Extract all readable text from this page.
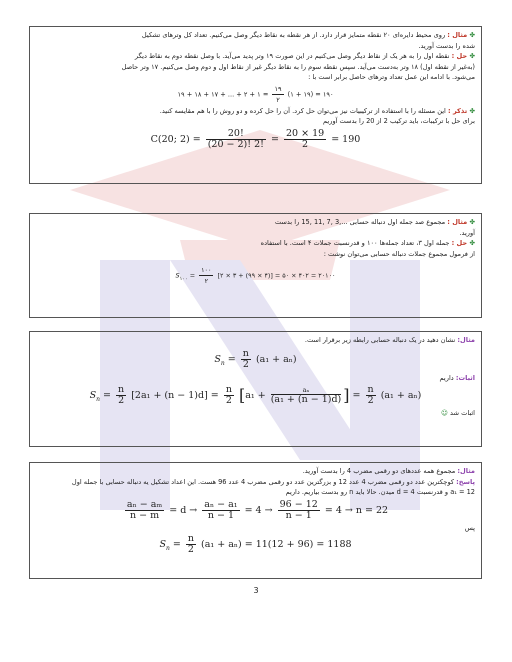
✤ مثال : روی محیط دایره‌ای ۲۰ نقطه متمایز قرار دارد. از هر نقطه به نقاط دیگر وصل می‌کنیم. تعداد کل وترهای تشکیل

شده را بدست آورید.

✤ حل : نقطه اول را به هر یک از نقاط دیگر وصل می‌کنیم در این صورت ۱۹ وتر پدید می‌آید. با وصل نقطه دوم به نقاط دیگر

(به‌غیر از نقطه اول) ۱۸ وتر به‌دست می‌آید. سپس نقطه سوم را به نقاط دیگر غیر از نقاط اول و دوم وصل می‌کنیم. ۱۷ وتر حاصل

می‌شود. با ادامه این عمل تعداد وترهای حاصل برابر است با :

۱۹ + ۱۸ + ۱۷ + ... + ۲ + ۱ = $\frac{۱۹}{۲}$ (۱ + ۱۹) = ۱۹۰

✤ تذکر : این مسئله را با استفاده از ترکیبیات نیز می‌توان حل کرد. آن را حل کرده و دو روش را با هم مقایسه کنید.

برای حل با ترکیبات، باید ترکیب 2 از 20 را بدست آوریم

C(20; $2) = \frac{20!}{(20 - 2)! 2!} = \frac{20 \times 19}{2} = 190$

✤ مثال : مجموع صد جمله اول دنباله حسابی ...,3 ,7 ,11 ,15 را بدست

آورید.

✤ حل : جمله اول ۳، تعداد جمله‌ها ۱۰۰ و قدرنسبت جملات ۴ است. با استفاده

از فرمول مجموع جملات دنباله حسابی می‌توان نوشت :

$S_{۱۰۰} = \frac{۱۰۰}{۲}$ [۲ × ۳ + (۹۹ × ۴)] = ۵۰ × ۴۰۲ = ۲۰۱۰۰

مثال: نشان دهید در یک دنباله حسابی رابطه زیر برقرار است.

$S_n = \frac{n}{2} (a_1 + a_n)$

اثبات: داریم

$S_n = \frac{n}{2} [2a_1 + (n - 1)d] = \frac{n}{2} [a_1 + \frac{\text{aₙ}}{\text{(a₁ + (n − 1)d)}}$ ] = $\frac{n}{2} (a_1 + a_n)$

اثبات شد ☺

مثال: مجموع همه عددهای دو رقمی مضرب 4 را بدست آورید.

پاسخ: کوچکترین عدد دو رقمی مضرب 4 عدد 12 و بزرگترین عدد دو رقمی مضرب 4 عدد 96 هست. این اعداد تشکیل یه دنباله حسابی با جمله اول

a₁ = 12 و قدرنسبت d = 4 میدن. حالا باید n رو بدست بیاریم. داریم

$\frac{\text{aₙ − aₘ}}{n - m} = d \to \frac{\text{aₙ − a₁}}{n - 1} = 4 \to \frac{96 - 12}{n - 1} = 4 \to n = 22$

پس

$S_n = \frac{n}{2} (a_1 + a_n) = 11(12 + 96) = 1188$
3
